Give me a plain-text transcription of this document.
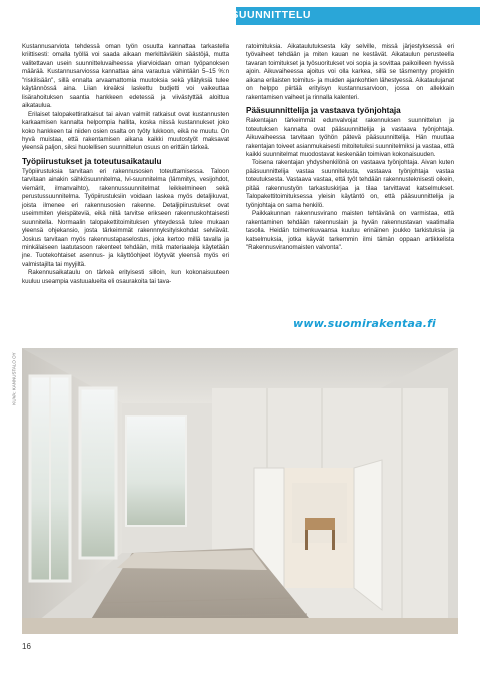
SUUNNITTELU

Kustannusarviota tehdessä oman työn osuutta kannattaa tarkastella kriittisesti: omalla työllä voi saada aikaan merkittäviäkin säästöjä, mutta valitettavan usein suunnitteluvaiheessa yliarvioidaan oman työpanoksen määrää. Kustannusarviossa kannattaa aina varautua vähintään 5–15 %:n "riskilisään", sillä ennalta arvaamattomia muutoksia sekä yllätyksiä tulee käytännössä aina. Liian kireäksi laskettu budjetti voi vaikeuttaa lisärahoituksen saantia hankkeen edetessä ja viivästyttää aloittua aikataulua.

Erilaiset talopakettiratkaisut tai aivan valmiit ratkaisut ovat kustannusten karkaamisen kannalta helpompia hallita, koska niissä kustannukset joko koko hankkeen tai niiden osien osalta on työty lukkoon, eikä ne muutu. On hyvä muistaa, että rakentamisen aikana kaikki muutostyöt maksavat yleensä paljon, siksi huolellisen suunnittelun osuus on erittäin tärkeä.

Työpiirustukset ja toteutusaikataulu

Työpiirustuksia tarvitaan eri rakennusosien toteuttamisessa. Taloon tarvitaan ainakin sähkösuunnitelma, lvi-suunnitelma (lämmitys, vesijohdot, viemärit, ilmanvaihto), rakennussuunnitelmat leikkelmineen sekä perustussuunnitelma. Työpiirustuksiin voidaan laskea myös detaljikuvat, joista ilmenee eri rakennusosien rakenne. Detaljipiirustukset ovat useimmiten yleispäteviä, eikä niitä tarvitse erikseen rakennuskohtaisesti suunnitella. Normaalin talopakettitoimituksen yhteydessä tulee mukaan yleensä ohjekansio, josta tärkeimmät rakennnyksityiskohdat selviävät. Joskus tarvitaan myös rakennustapaselostus, joka kertoo millä tavalla ja minkälaiseen laatutasoon rakenteet tehdään, mitä materiaaleja käytetään jne. Tuotekohtaiset asennus- ja käyttöohjeet löytyvät yleensä myös eri valmistajilta tai myyjiltä.

Rakennusaikataulu on tärkeä erityisesti silloin, kun kokonaisuuteen kuuluu useampia vastuualueita eli osaurakoita tai tava-

ratoimituksia. Aikataulutuksesta käy selville, missä järjestyksessä eri työvaiheet tehdään ja miten kauan ne kestävät. Aikataulun perusteella tavaran toimitukset ja työsuoritukset voi sopia ja sovittaa paikoilleen hyvissä ajoin. Aikuvaiheessa ajoitus voi olla karkea, sillä se täsmentyy projektin aikana erilaisten toimitus- ja muiden ajankohtien lähestyessä. Aikataulujanat on helppo piirtää erityisyn kustannusarvioon, jossa on allekkain rakentamisen vaiheet ja rinnalla kalenteri.

Pääsuunnittelija ja vastaava työnjohtaja

Rakentajan tärkeimmät edunvalvojat rakennuksen suunnittelun ja toteutuksen kannalta ovat pääsuunnittelija ja vastaava työnjohtaja. Aikuvaiheessa tarvitaan työhön pätevä pääsuunnittelija. Hän muuttaa rakentajan toiveet asianmukaisesti mitoitetuiksi suunnitelmiksi ja vastaa, että kaikki suunnitelmat muodostavat keskenään toimivan kokonaisuuden.

Toisena rakentajan yhdyshenkilönä on vastaava työnjohtaja. Aivan kuten pääsuunnittelija vastaa suunnitelusta, vastaava työnjohtaja vastaa toteutuksesta. Vastaava vastaa, että työt tehdään rakennusteknisesti oikein, pitää rakennustyön tarkastuskirjaa ja tilaa tarvittavat katselmukset. Talopakettitoimituksessa yleisin käytäntö on, että pääsuunnittelija ja työnjohtaja on sama henkilö.

Paikkakunnan rakennusvirano maisten tehtävänä on varmistaa, että rakentaminen tehdään rakennuslain ja hyvän rakennustavan vaatimalla tasolla. Heidän toimenkuvaansa kuuluu erinäinen joukko tarkistuksia ja katselmuksia, jotka käyvät tarkemmin ilmi tämän oppaan artikkelista "Rakennusviranomaisten valvonta".

www.suomirakentaa.fi
KUVA: KANNUSTALO OY
16
